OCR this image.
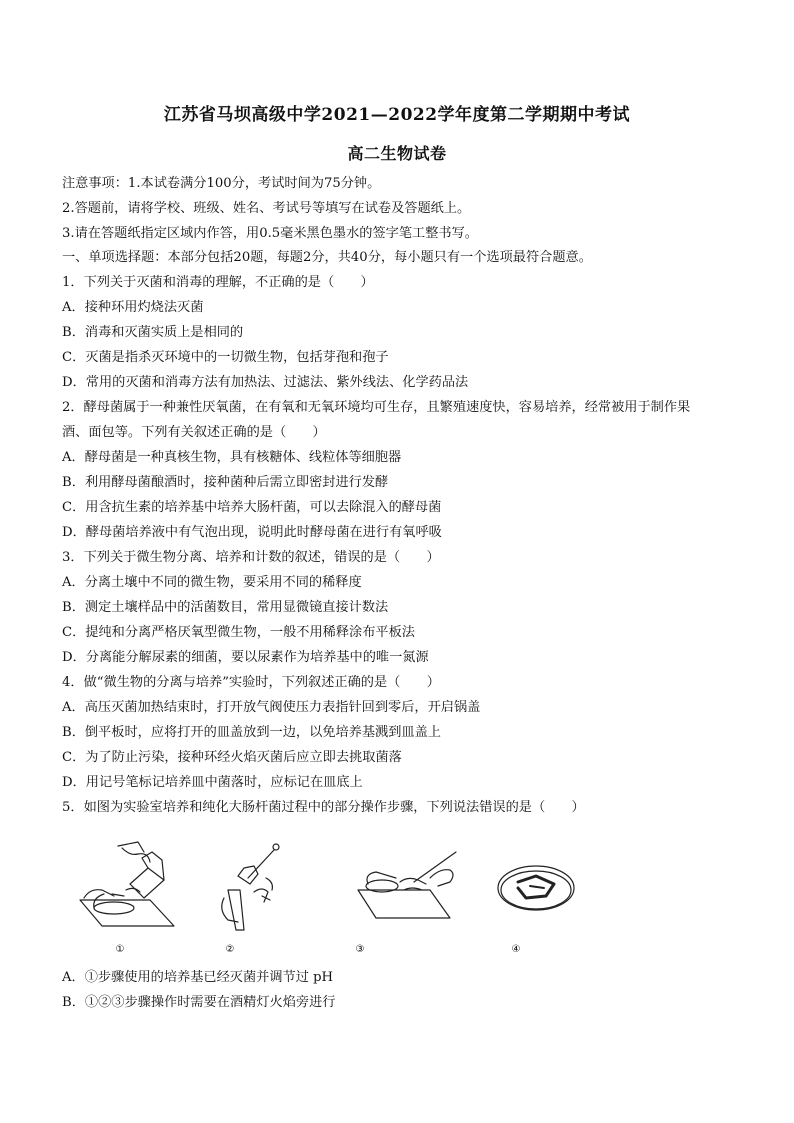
江苏省马坝高级中学2021—2022学年度第二学期期中考试
高二生物试卷
注意事项：1.本试卷满分100分，考试时间为75分钟。
2.答题前，请将学校、班级、姓名、考试号等填写在试卷及答题纸上。
3.请在答题纸指定区域内作答，用0.5毫米黑色墨水的签字笔工整书写。
一、单项选择题：本部分包括20题，每题2分，共40分，每小题只有一个选项最符合题意。
1．下列关于灭菌和消毒的理解，不正确的是（　　）
A．接种环用灼烧法灭菌
B．消毒和灭菌实质上是相同的
C．灭菌是指杀灭环境中的一切微生物，包括芽孢和孢子
D．常用的灭菌和消毒方法有加热法、过滤法、紫外线法、化学药品法
2．酵母菌属于一种兼性厌氧菌，在有氧和无氧环境均可生存，且繁殖速度快，容易培养，经常被用于制作果
酒、面包等。下列有关叙述正确的是（　　）
A．酵母菌是一种真核生物，具有核糖体、线粒体等细胞器
B．利用酵母菌酿酒时，接种菌种后需立即密封进行发酵
C．用含抗生素的培养基中培养大肠杆菌，可以去除混入的酵母菌
D．酵母菌培养液中有气泡出现，说明此时酵母菌在进行有氧呼吸
3．下列关于微生物分离、培养和计数的叙述，错误的是（　　）
A．分离土壤中不同的微生物，要采用不同的稀释度
B．测定土壤样品中的活菌数目，常用显微镜直接计数法
C．提纯和分离严格厌氧型微生物，一般不用稀释涂布平板法
D．分离能分解尿素的细菌，要以尿素作为培养基中的唯一氮源
4．做“微生物的分离与培养”实验时，下列叙述正确的是（　　）
A．高压灭菌加热结束时，打开放气阀使压力表指针回到零后，开启锅盖
B．倒平板时，应将打开的皿盖放到一边，以免培养基溅到皿盖上
C．为了防止污染，接种环经火焰灭菌后应立即去挑取菌落
D．用记号笔标记培养皿中菌落时，应标记在皿底上
5．如图为实验室培养和纯化大肠杆菌过程中的部分操作步骤，下列说法错误的是（　　）
①	②	③	④
A．①步骤使用的培养基已经灭菌并调节过 pH
B．①②③步骤操作时需要在酒精灯火焰旁进行
